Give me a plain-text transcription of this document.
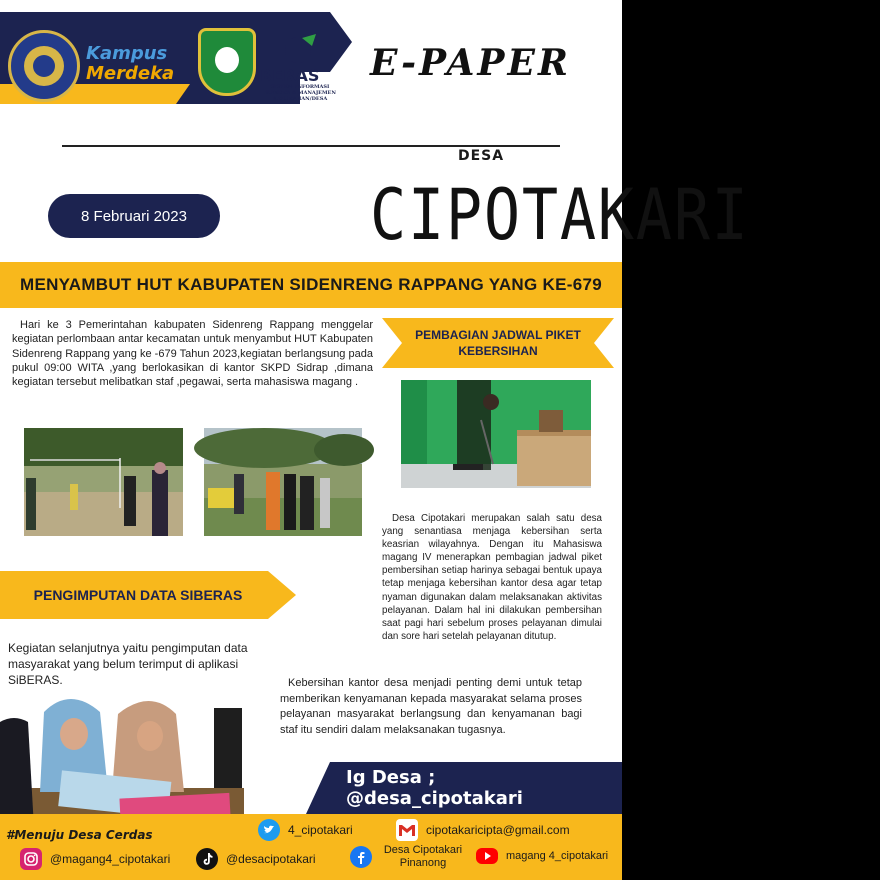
Kampus
Merdeka	BERAS
SISTEM INFORMASI BUMDES & MANAJEMEN KELURAHAN/DESA
E-PAPER
DESA
CIPOTAKARI
8 Februari 2023
MENYAMBUT HUT KABUPATEN SIDENRENG RAPPANG YANG KE-679

Hari ke 3 Pemerintahan kabupaten Sidenreng Rappang menggelar kegiatan perlombaan antar kecamatan untuk menyambut HUT Kabupaten Sidenreng Rappang yang ke -679 Tahun 2023,kegiatan berlangsung pada pukul 09:00 WITA ,yang berlokasikan di kantor SKPD Sidrap ,dimana kegiatan tersebut melibatkan staf ,pegawai, serta mahasiswa magang .

PEMBAGIAN JADWAL PIKET KEBERSIHAN

Desa Cipotakari merupakan salah satu desa yang senantiasa menjaga kebersihan serta keasrian wilayahnya. Dengan itu Mahasiswa magang IV menerapkan pembagian jadwal piket pembersihan setiap harinya sebagai bentuk upaya tetap menjaga kebersihan kantor desa agar tetap nyaman digunakan dalam melaksanakan aktivitas pelayanan. Dalam hal ini dilakukan pembersihan saat pagi hari sebelum proses pelayanan dimulai dan sore hari setelah pelayanan ditutup.

PENGIMPUTAN DATA SIBERAS

Kegiatan selanjutnya yaitu pengimputan data masyarakat yang belum terimput di aplikasi SiBERAS.	Kebersihan kantor desa menjadi penting demi untuk tetap memberikan kenyamanan kepada masyarakat selama proses pelayanan masyarakat berlangsung dan kenyamanan bagi staf itu sendiri dalam melaksanakan tugasnya.

Ig Desa ; @desa_cipotakari
#Menuju Desa Cerdas	4_cipotakari	cipotakaricipta@gmail.com
@magang4_cipotakari	@desacipotakari
Desa Cipotakari Pinanong
magang 4_cipotakari
